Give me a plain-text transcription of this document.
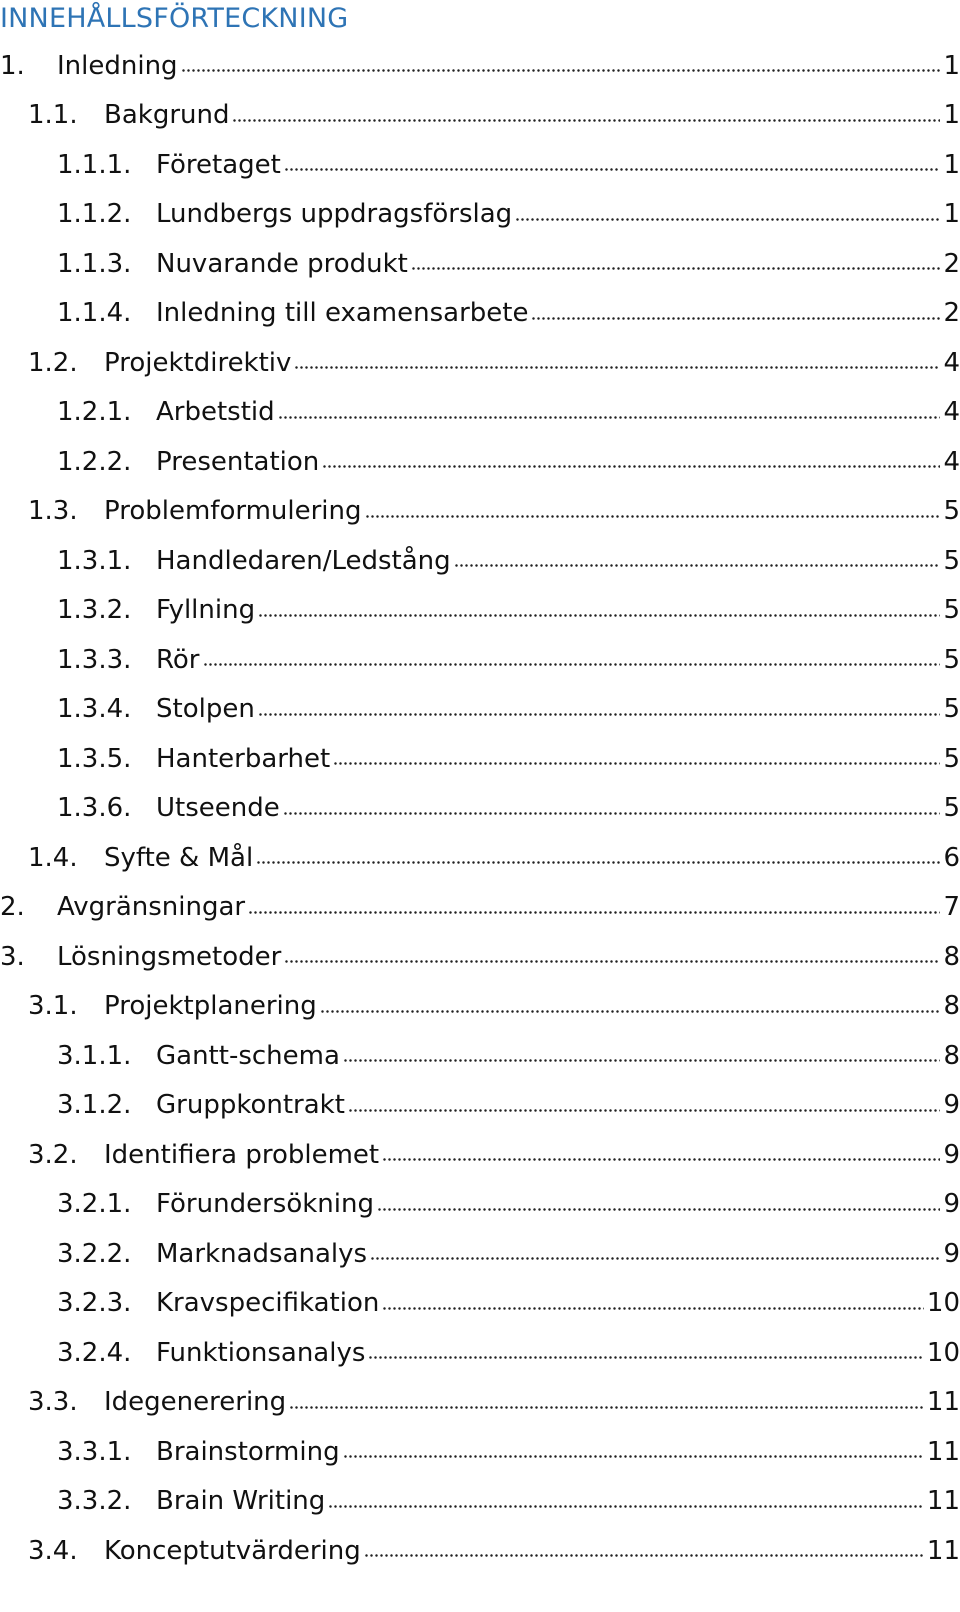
INNEHÅLLSFÖRTECKNING
1.	Inledning	1
1.1.	Bakgrund	1
1.1.1. Företaget	1
1.1.2. Lundbergs uppdragsförslag	1
1.1.3. Nuvarande produkt	2
1.1.4. Inledning till examensarbete	2
1.2.	Projektdirektiv	4
1.2.1. Arbetstid	4
1.2.2. Presentation	4
1.3.	Problemformulering	5
1.3.1. Handledaren/Ledstång	5
1.3.2. Fyllning	5
1.3.3. Rör	5
1.3.4. Stolpen	5
1.3.5. Hanterbarhet	5
1.3.6. Utseende	5
1.4.	Syfte & Mål	6
2.	Avgränsningar	7
3.	Lösningsmetoder	8
3.1.	Projektplanering	8
3.1.1. Gantt-schema	8
3.1.2. Gruppkontrakt	9
3.2.	Identifiera problemet	9
3.2.1. Förundersökning	9
3.2.2. Marknadsanalys	9
3.2.3. Kravspecifikation	10
3.2.4. Funktionsanalys	10
3.3.	Idegenerering	11
3.3.1. Brainstorming	11
3.3.2. Brain Writing	11
3.4.	Konceptutvärdering	11
